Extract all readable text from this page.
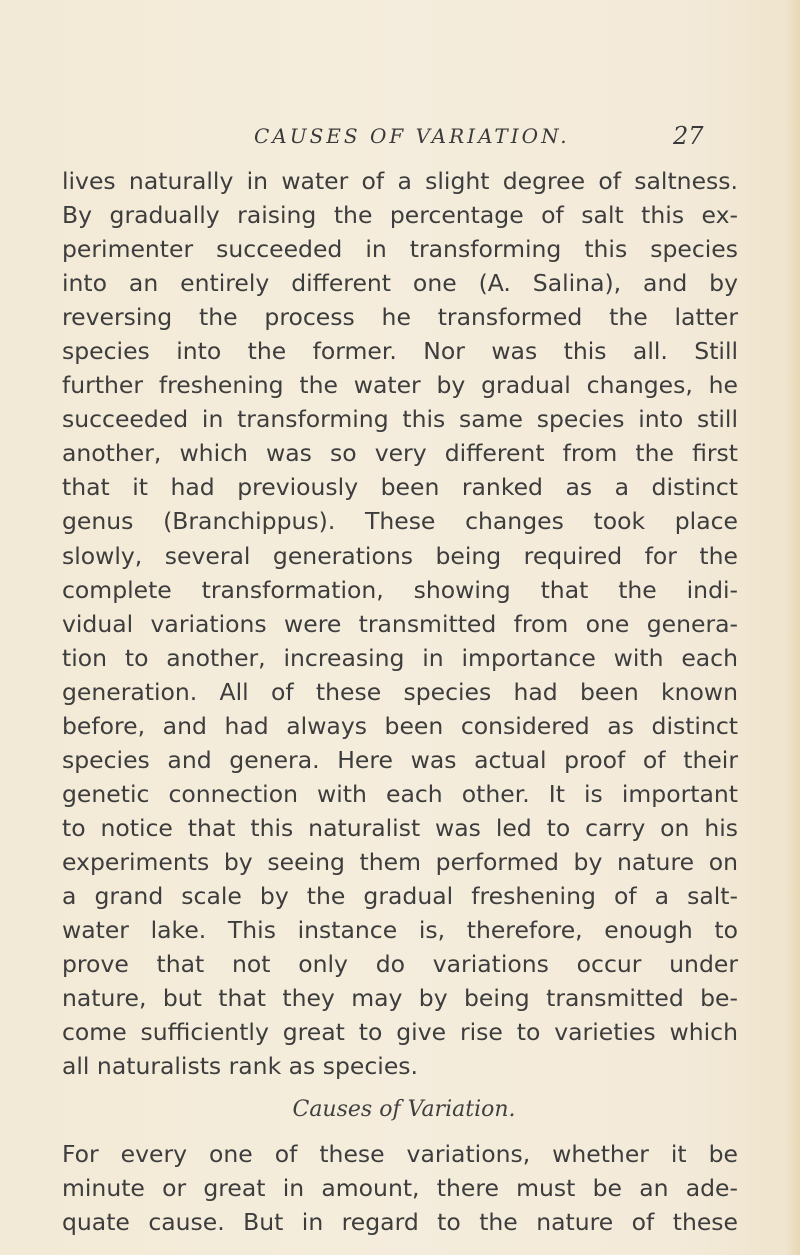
CAUSES OF VARIATION.	27
lives naturally in water of a slight degree of saltness.
By gradually raising the percentage of salt this ex-
perimenter succeeded in transforming this species
into an entirely different one (A. Salina), and by
reversing the process he transformed the latter
species into the former. Nor was this all. Still
further freshening the water by gradual changes, he
succeeded in transforming this same species into still
another, which was so very different from the first
that it had previously been ranked as a distinct
genus (Branchippus). These changes took place
slowly, several generations being required for the
complete transformation, showing that the indi-
vidual variations were transmitted from one genera-
tion to another, increasing in importance with each
generation. All of these species had been known
before, and had always been considered as distinct
species and genera. Here was actual proof of their
genetic connection with each other. It is important
to notice that this naturalist was led to carry on his
experiments by seeing them performed by nature on
a grand scale by the gradual freshening of a salt-
water lake. This instance is, therefore, enough to
prove that not only do variations occur under
nature, but that they may by being transmitted be-
come sufficiently great to give rise to varieties which
all naturalists rank as species.
Causes of Variation.
For every one of these variations, whether it be
minute or great in amount, there must be an ade-
quate cause. But in regard to the nature of these
